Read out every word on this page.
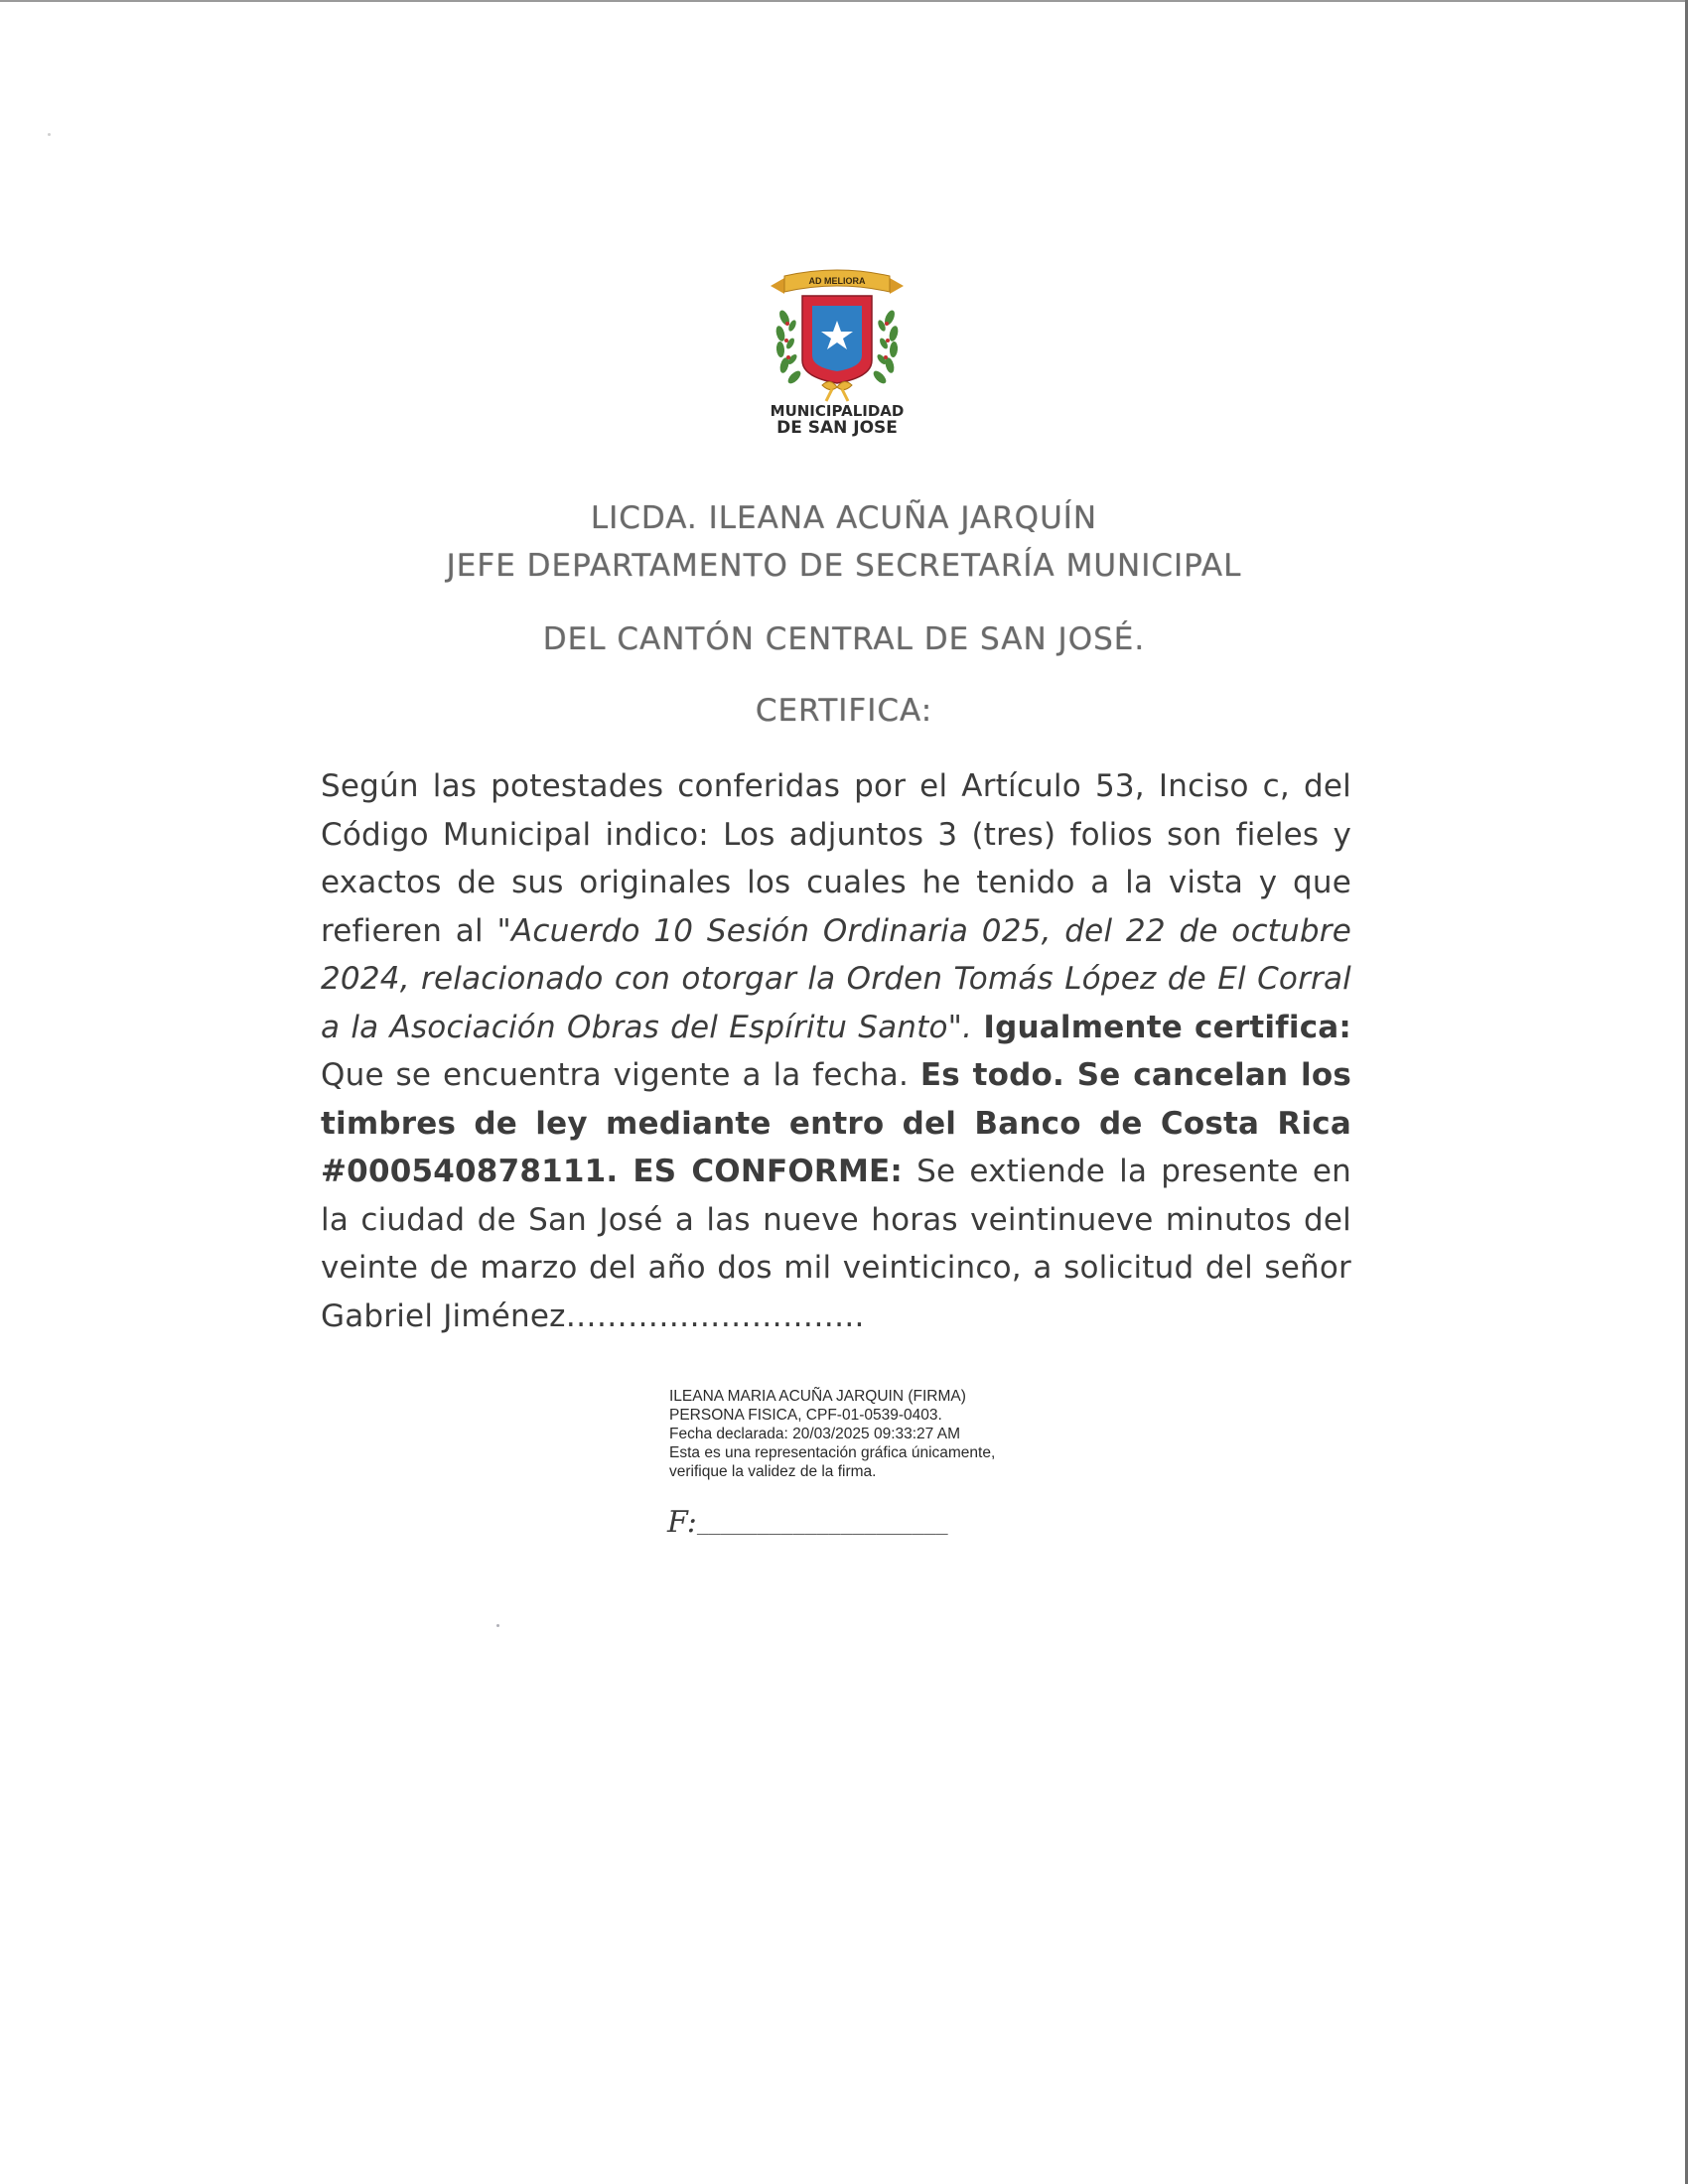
AD MELIORA
MUNICIPALIDAD
DE SAN JOSE
LICDA. ILEANA ACUÑA JARQUÍN
JEFE DEPARTAMENTO DE SECRETARÍA MUNICIPAL
DEL CANTÓN CENTRAL DE SAN JOSÉ.
CERTIFICA:
Según las potestades conferidas por el Artículo 53, Inciso c, del Código Municipal indico: Los adjuntos 3 (tres) folios son fieles y exactos de sus originales los cuales he tenido a la vista y que refieren al "Acuerdo 10 Sesión Ordinaria 025, del 22 de octubre 2024, relacionado con otorgar la Orden Tomás López de El Corral a la Asociación Obras del Espíritu Santo". Igualmente certifica: Que se encuentra vigente a la fecha. Es todo. Se cancelan los timbres de ley mediante entro del Banco de Costa Rica #000540878111. ES CONFORME: Se extiende la presente en la ciudad de San José a las nueve horas veintinueve minutos del veinte de marzo del año dos mil veinticinco, a solicitud del señor Gabriel Jiménez………………………..
ILEANA MARIA ACUÑA JARQUIN (FIRMA)
PERSONA FISICA, CPF-01-0539-0403.
Fecha declarada: 20/03/2025 09:33:27 AM
Esta es una representación gráfica únicamente,
verifique la validez de la firma.
F:_____________________
